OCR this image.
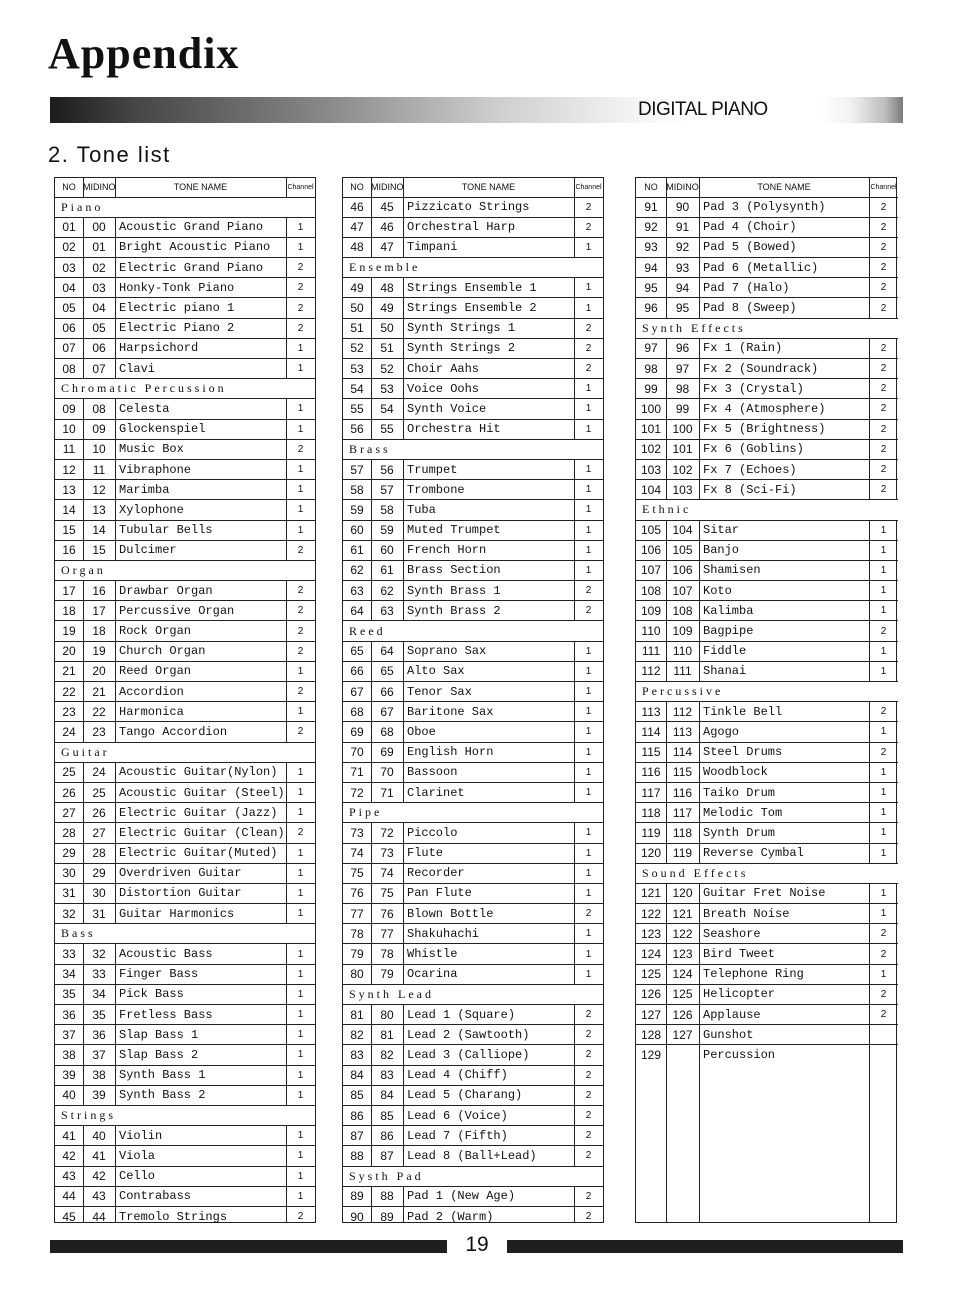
Appendix
DIGITAL PIANO
2. Tone list
NO	MIDINO	TONE NAME	Channel
Piano			
01	00	Acoustic Grand Piano	1
02	01	Bright Acoustic Piano	1
03	02	Electric Grand Piano	2
04	03	Honky-Tonk Piano	2
05	04	Electric piano 1	2
06	05	Electric Piano 2	2
07	06	Harpsichord	1
08	07	Clavi	1
Chromatic Percussion			
09	08	Celesta	1
10	09	Glockenspiel	1
11	10	Music Box	2
12	11	Vibraphone	1
13	12	Marimba	1
14	13	Xylophone	1
15	14	Tubular Bells	1
16	15	Dulcimer	2
Organ			
17	16	Drawbar Organ	2
18	17	Percussive Organ	2
19	18	Rock Organ	2
20	19	Church Organ	2
21	20	Reed Organ	1
22	21	Accordion	2
23	22	Harmonica	1
24	23	Tango Accordion	2
Guitar			
25	24	Acoustic Guitar(Nylon)	1
26	25	Acoustic Guitar (Steel)	1
27	26	Electric Guitar (Jazz)	1
28	27	Electric Guitar (Clean)	2
29	28	Electric Guitar(Muted)	1
30	29	Overdriven Guitar	1
31	30	Distortion Guitar	1
32	31	Guitar Harmonics	1
Bass			
33	32	Acoustic Bass	1
34	33	Finger Bass	1
35	34	Pick Bass	1
36	35	Fretless Bass	1
37	36	Slap Bass 1	1
38	37	Slap Bass 2	1
39	38	Synth Bass 1	1
40	39	Synth Bass 2	1
Strings			
41	40	Violin	1
42	41	Viola	1
43	42	Cello	1
44	43	Contrabass	1
45	44	Tremolo Strings	2
NO	MIDINO	TONE NAME	Channel
46	45	Pizzicato Strings	2
47	46	Orchestral Harp	2
48	47	Timpani	1
Ensemble			
49	48	Strings Ensemble 1	1
50	49	Strings Ensemble 2	1
51	50	Synth Strings 1	2
52	51	Synth Strings 2	2
53	52	Choir Aahs	2
54	53	Voice Oohs	1
55	54	Synth Voice	1
56	55	Orchestra Hit	1
Brass			
57	56	Trumpet	1
58	57	Trombone	1
59	58	Tuba	1
60	59	Muted Trumpet	1
61	60	French Horn	1
62	61	Brass Section	1
63	62	Synth Brass 1	2
64	63	Synth Brass 2	2
Reed			
65	64	Soprano Sax	1
66	65	Alto Sax	1
67	66	Tenor Sax	1
68	67	Baritone Sax	1
69	68	Oboe	1
70	69	English Horn	1
71	70	Bassoon	1
72	71	Clarinet	1
Pipe			
73	72	Piccolo	1
74	73	Flute	1
75	74	Recorder	1
76	75	Pan Flute	1
77	76	Blown Bottle	2
78	77	Shakuhachi	1
79	78	Whistle	1
80	79	Ocarina	1
Synth Lead			
81	80	Lead 1 (Square)	2
82	81	Lead 2 (Sawtooth)	2
83	82	Lead 3 (Calliope)	2
84	83	Lead 4 (Chiff)	2
85	84	Lead 5 (Charang)	2
86	85	Lead 6 (Voice)	2
87	86	Lead 7 (Fifth)	2
88	87	Lead 8 (Ball+Lead)	2
Systh Pad			
89	88	Pad 1 (New Age)	2
90	89	Pad 2 (Warm)	2
NO	MIDINO	TONE NAME	Channel
91	90	Pad 3 (Polysynth)	2
92	91	Pad 4 (Choir)	2
93	92	Pad 5 (Bowed)	2
94	93	Pad 6 (Metallic)	2
95	94	Pad 7 (Halo)	2
96	95	Pad 8 (Sweep)	2
Synth Effects			
97	96	Fx 1 (Rain)	2
98	97	Fx 2 (Soundrack)	2
99	98	Fx 3 (Crystal)	2
100	99	Fx 4 (Atmosphere)	2
101	100	Fx 5 (Brightness)	2
102	101	Fx 6 (Goblins)	2
103	102	Fx 7 (Echoes)	2
104	103	Fx 8 (Sci-Fi)	2
Ethnic			
105	104	Sitar	1
106	105	Banjo	1
107	106	Shamisen	1
108	107	Koto	1
109	108	Kalimba	1
110	109	Bagpipe	2
111	110	Fiddle	1
112	111	Shanai	1
Percussive			
113	112	Tinkle Bell	2
114	113	Agogo	1
115	114	Steel Drums	2
116	115	Woodblock	1
117	116	Taiko Drum	1
118	117	Melodic Tom	1
119	118	Synth Drum	1
120	119	Reverse Cymbal	1
Sound Effects			
121	120	Guitar Fret Noise	1
122	121	Breath Noise	1
123	122	Seashore	2
124	123	Bird Tweet	2
125	124	Telephone Ring	1
126	125	Helicopter	2
127	126	Applause	2
128	127	Gunshot	
129		Percussion	
19
